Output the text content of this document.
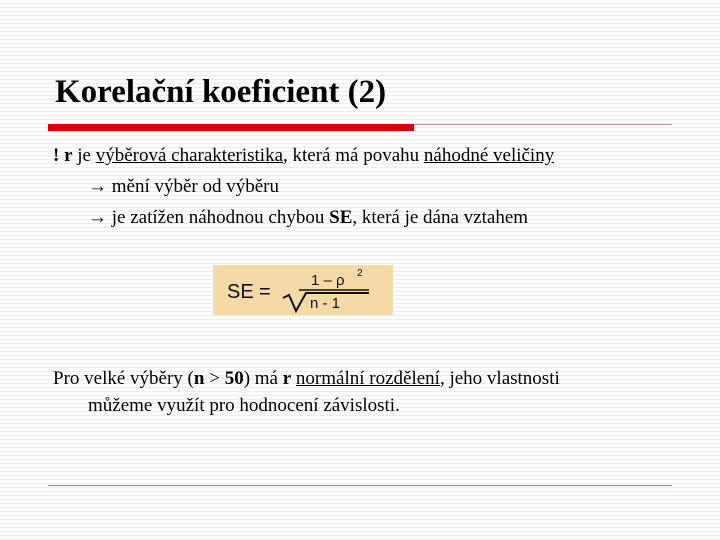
Korelační koeficient (2)
! r je výběrová charakteristika, která má povahu náhodné veličiny
→ mění výběr od výběru
→ je zatížen náhodnou chybou SE, která je dána vztahem
SE =
1 – ρ 2
n - 1
Pro velké výběry (n > 50) má r normální rozdělení, jeho vlastnosti
můžeme využít pro hodnocení závislosti.
